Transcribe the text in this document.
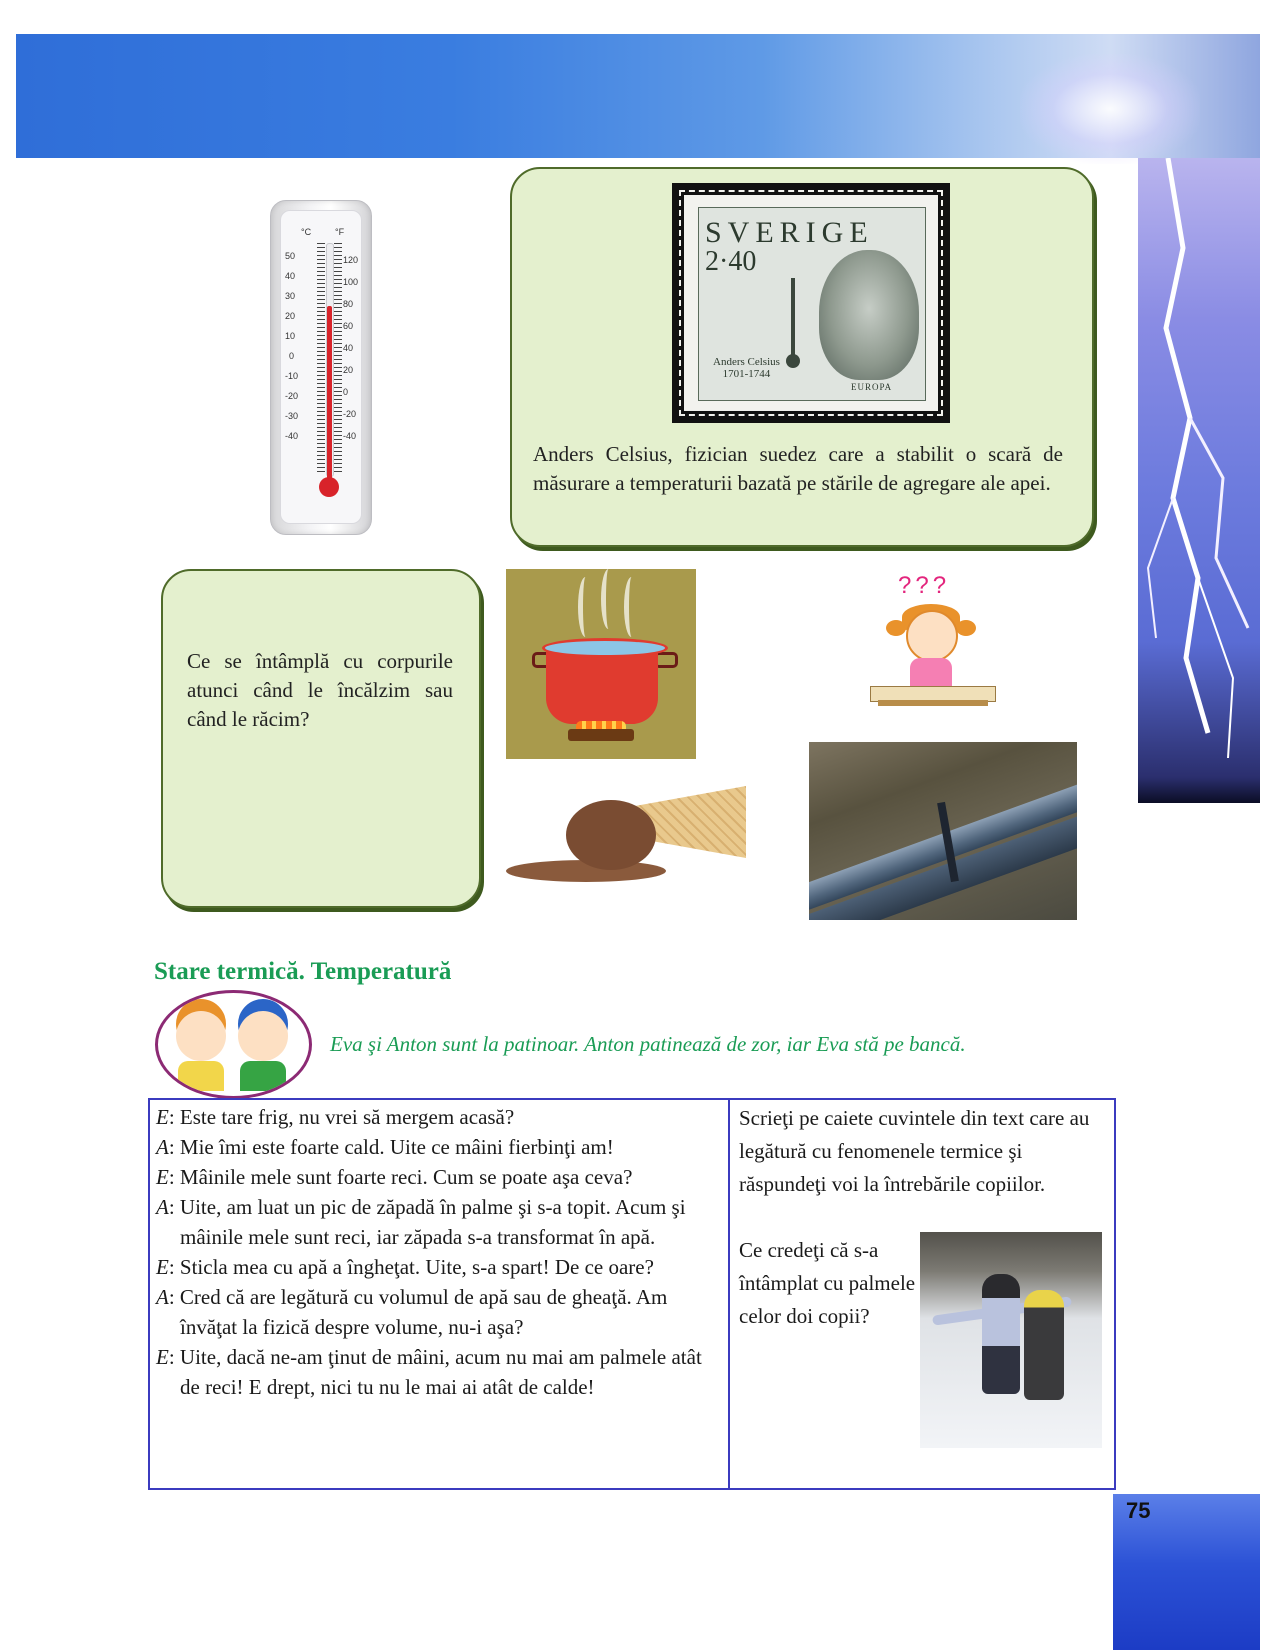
°C	°F
50
40
30
20
10
0
-10
-20
-30
-40
120
100
80
60
40
20
0
-20
-40
SVERIGE
2·40
Anders Celsius
1701-1744
EUROPA
Anders Celsius, fizician suedez care a stabilit o scară de măsurare a temperaturii bazată pe stările de agregare ale apei.
Ce se întâmplă cu corpurile atunci când le încălzim sau când le răcim?
???
Stare termică. Temperatură
Eva şi Anton sunt la patinoar. Anton patinează de zor, iar Eva stă pe bancă.
E: Este tare frig, nu vrei să mergem acasă?
A: Mie îmi este foarte cald. Uite ce mâini fierbinţi am!
E: Mâinile mele sunt foarte reci. Cum se poate aşa ceva?
A: Uite, am luat un pic de zăpadă în palme şi s-a topit. Acum şi mâinile mele sunt reci, iar zăpada s-a transformat în apă.
E: Sticla mea cu apă a îngheţat. Uite, s-a spart! De ce oare?
A: Cred că are legătură cu volumul de apă sau de gheaţă. Am învăţat la fizică despre volume, nu-i aşa?
E: Uite, dacă ne-am ţinut de mâini, acum nu mai am palmele atât de reci! E drept, nici tu nu le mai ai atât de calde!
Scrieţi pe caiete cuvintele din text care au legătură cu fenomenele termice şi răspundeţi voi la întrebările copiilor.
Ce credeţi că s-a întâmplat cu palmele celor doi copii?
75
